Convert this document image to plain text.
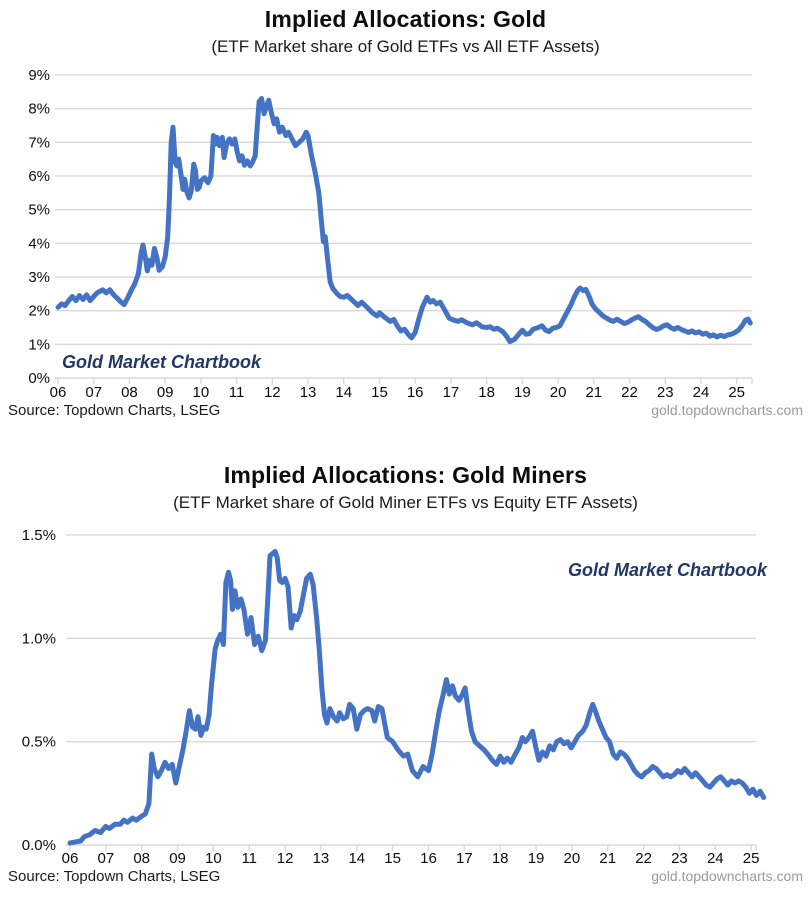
Implied Allocations: Gold
(ETF Market share of Gold ETFs vs All ETF Assets)
0%
1%
2%
3%
4%
5%
6%
7%
8%
9%
06 07 08 09 10 11 12 13 14 15 16 17 18 19 20 21 22 23 24 25
Gold Market Chartbook
Source: Topdown Charts, LSEG	gold.topdowncharts.com
Implied Allocations: Gold Miners
(ETF Market share of Gold Miner ETFs vs Equity ETF Assets)
0.0%
0.5%
1.0%
1.5%
06 07 08 09 10 11 12 13 14 15 16 17 18 19 20 21 22 23 24 25
Gold Market Chartbook
Source: Topdown Charts, LSEG	gold.topdowncharts.com
